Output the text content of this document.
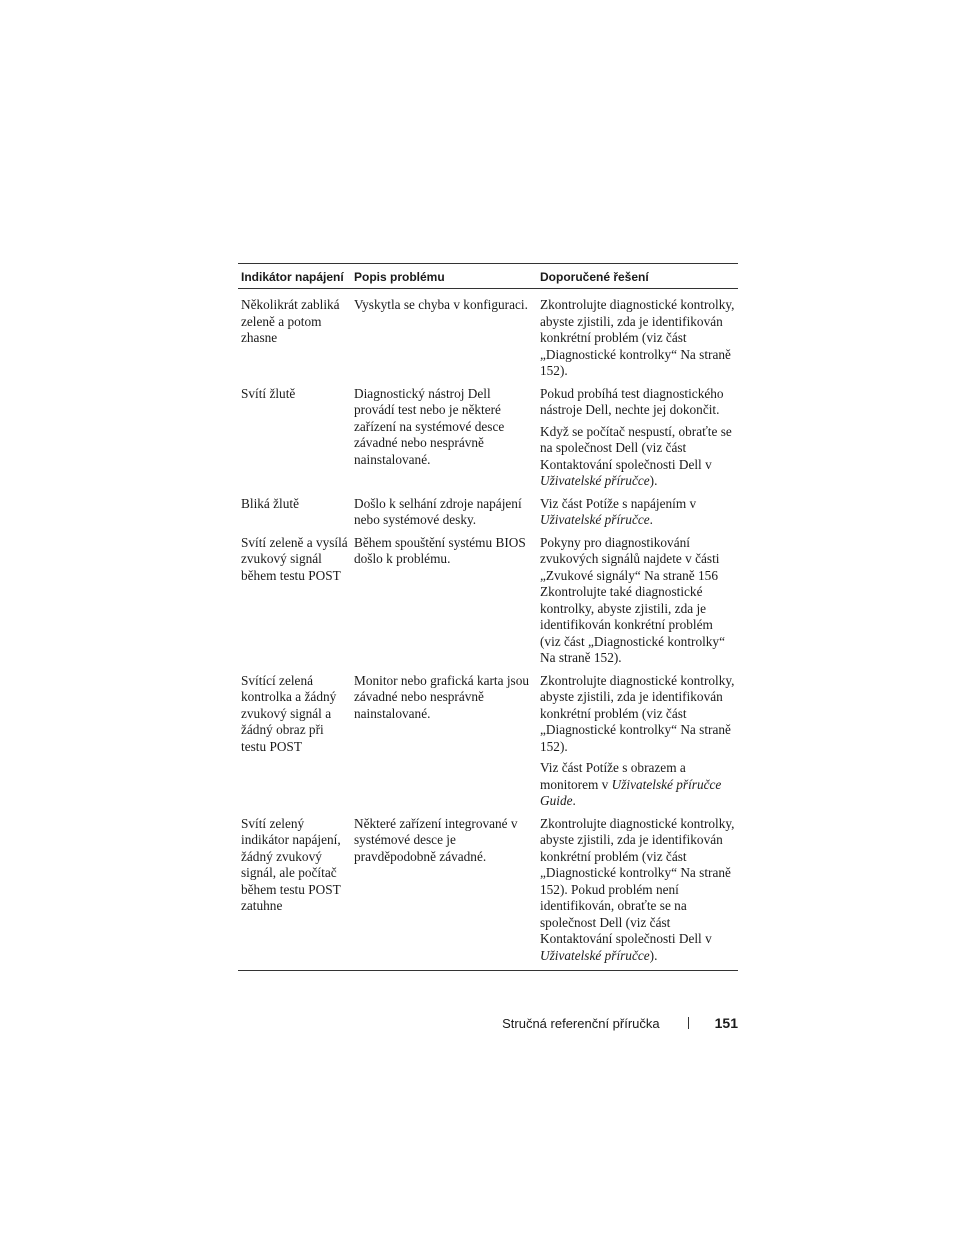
Indikátor napájení	Popis problému	Doporučené řešení
Několikrát zabliká zeleně a potom zhasne	Vyskytla se chyba v konfiguraci.	Zkontrolujte diagnostické kontrolky, abyste zjistili, zda je identifikován konkrétní problém (viz část „Diagnostické kontrolky“ Na straně 152).

Svítí žlutě	Diagnostický nástroj Dell provádí test nebo je některé zařízení na systémové desce závadné nebo nesprávně nainstalované.	Pokud probíhá test diagnostického nástroje Dell, nechte jej dokončit.

Když se počítač nespustí, obraťte se na společnost Dell (viz část Kontaktování společnosti Dell v Uživatelské příručce).

Bliká žlutě	Došlo k selhání zdroje napájení nebo systémové desky.	Viz část Potíže s napájením v Uživatelské příručce.

Svítí zeleně a vysílá zvukový signál během testu POST	Během spouštění systému BIOS došlo k problému.	Pokyny pro diagnostikování zvukových signálů najdete v části „Zvukové signály“ Na straně 156 Zkontrolujte také diagnostické kontrolky, abyste zjistili, zda je identifikován konkrétní problém (viz část „Diagnostické kontrolky“ Na straně 152).

Svítící zelená kontrolka a žádný zvukový signál a žádný obraz při testu POST	Monitor nebo grafická karta jsou závadné nebo nesprávně nainstalované.	Zkontrolujte diagnostické kontrolky, abyste zjistili, zda je identifikován konkrétní problém (viz část „Diagnostické kontrolky“ Na straně 152).

Viz část Potíže s obrazem a monitorem v Uživatelské příručce Guide.

Svítí zelený indikátor napájení, žádný zvukový signál, ale počítač během testu POST zatuhne	Některé zařízení integrované v systémové desce je pravděpodobně závadné.	Zkontrolujte diagnostické kontrolky, abyste zjistili, zda je identifikován konkrétní problém (viz část „Diagnostické kontrolky“ Na straně 152). Pokud problém není identifikován, obraťte se na společnost Dell (viz část Kontaktování společnosti Dell v Uživatelské příručce).

Stručná referenční příručka	151
